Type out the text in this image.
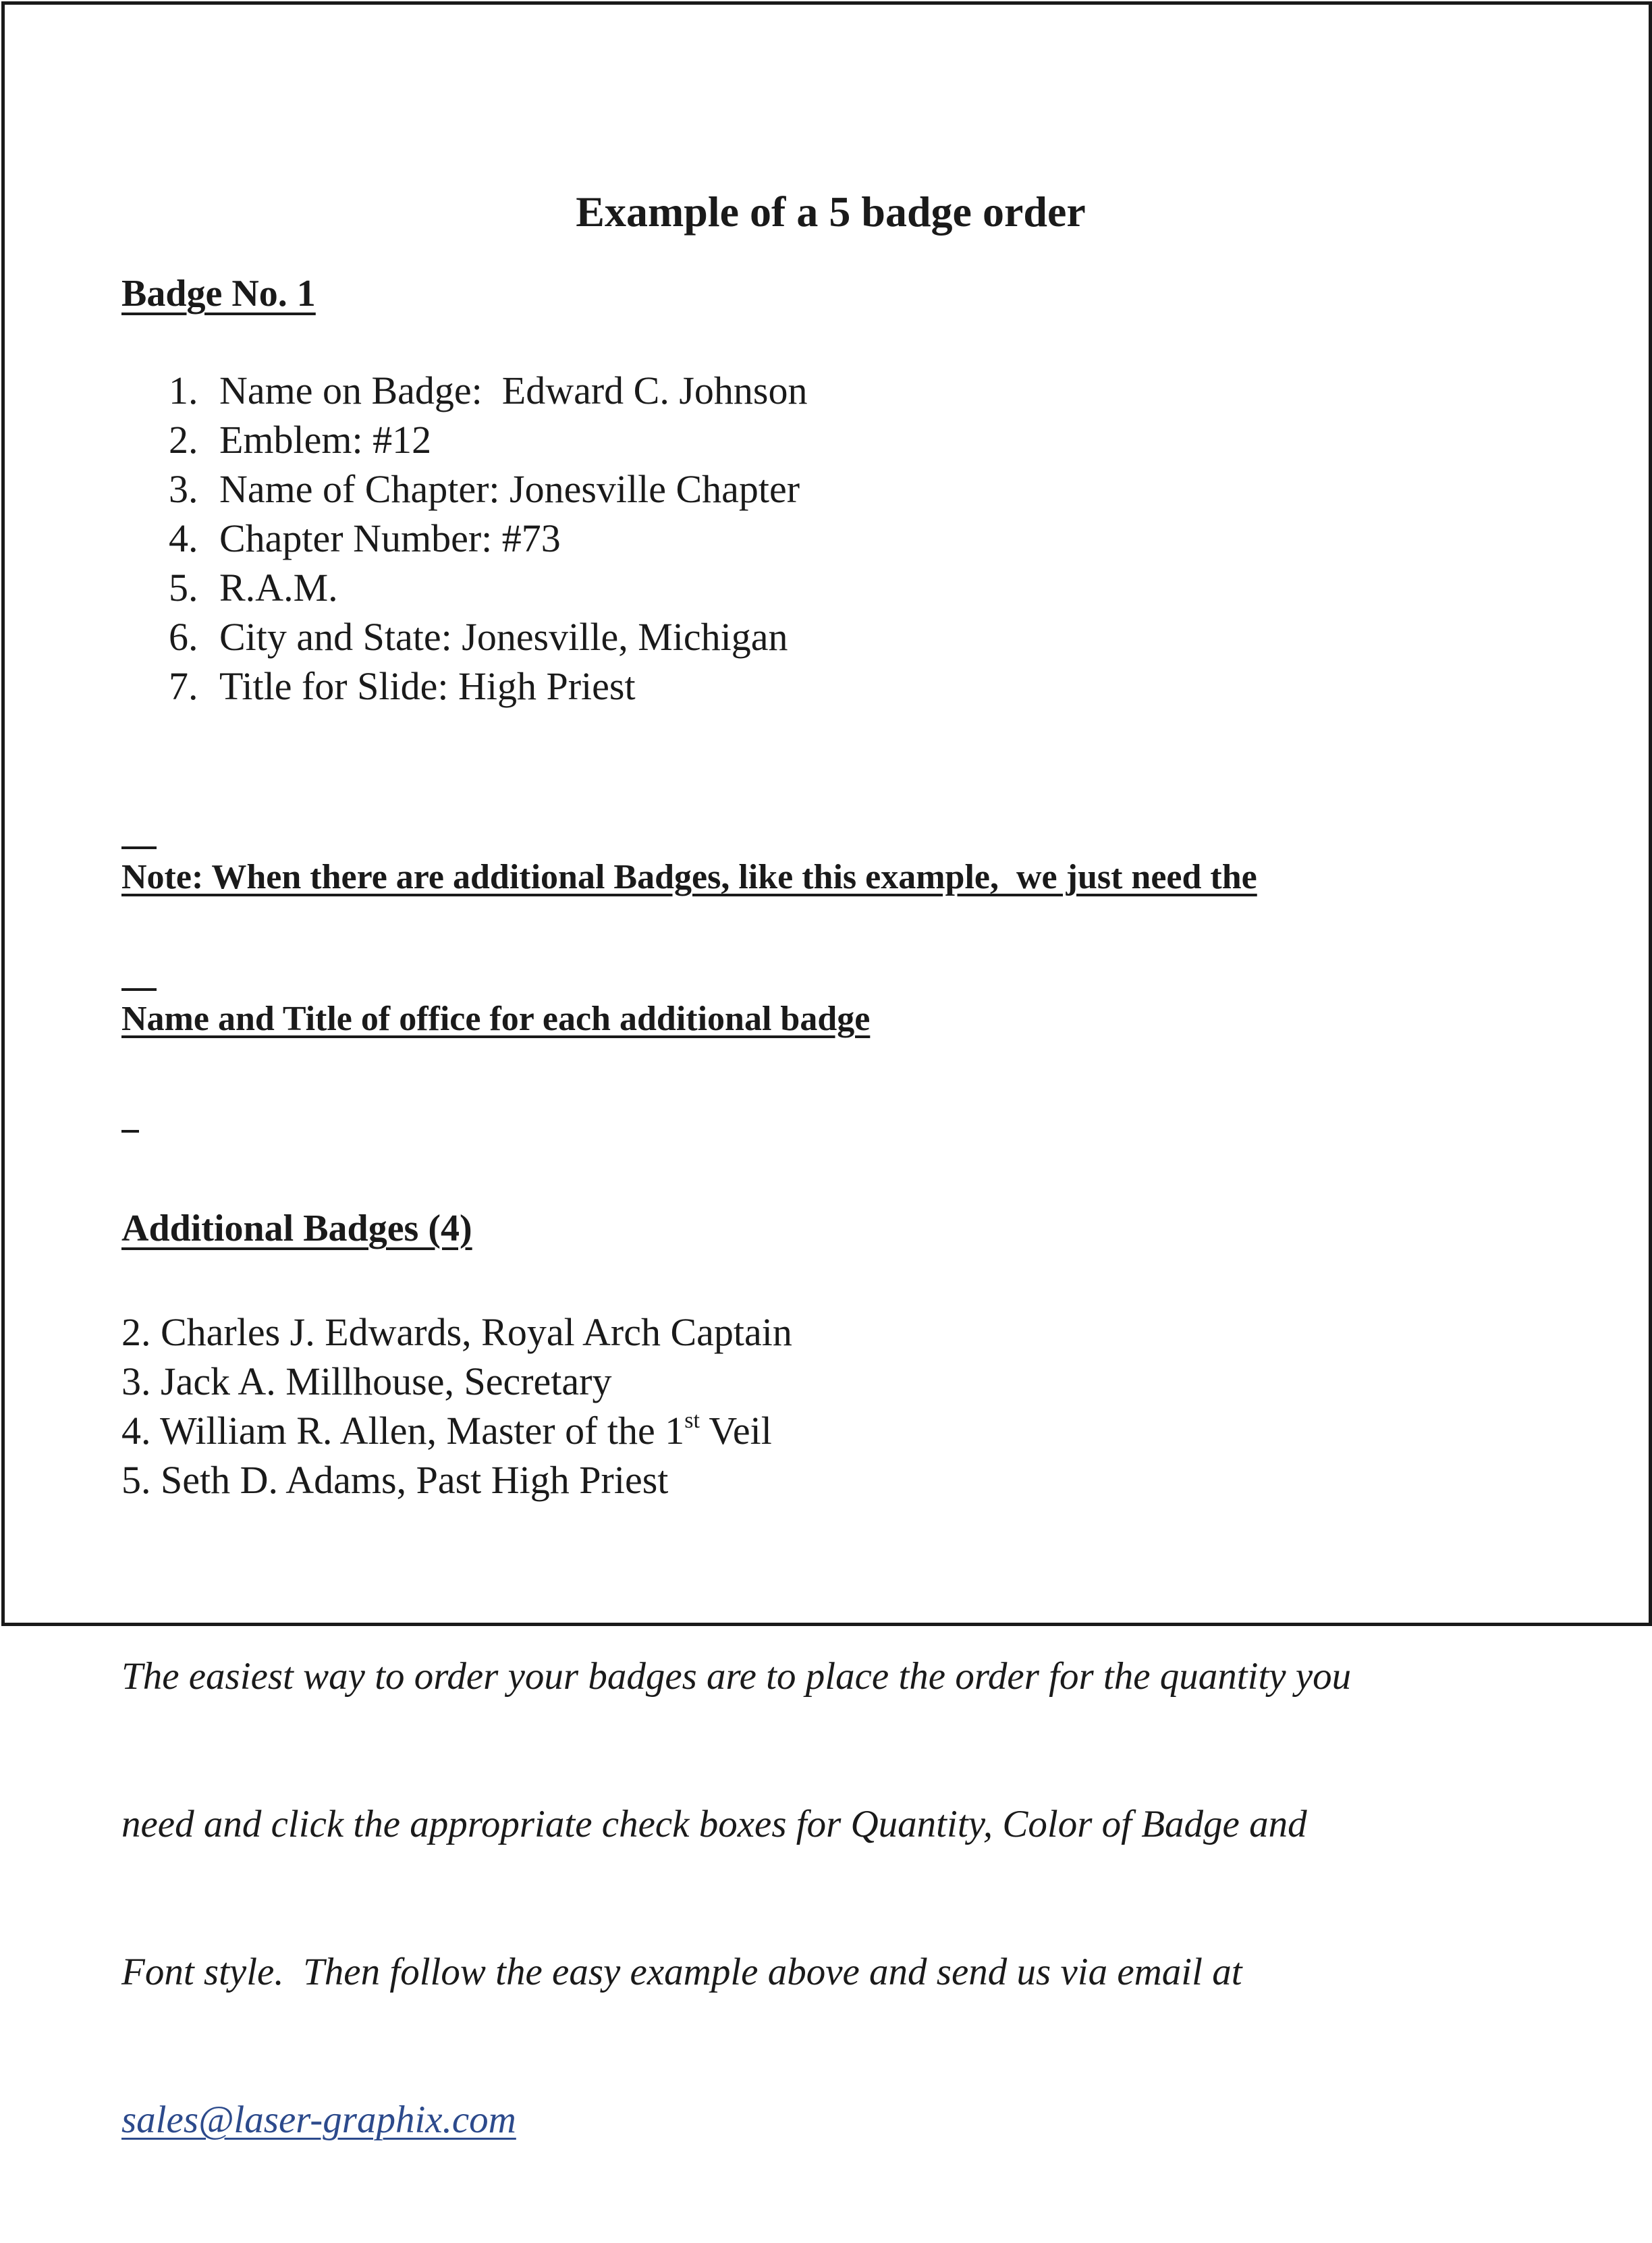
Example of a 5 badge order
Badge No. 1
1. Name on Badge:  Edward C. Johnson
2. Emblem: #12
3. Name of Chapter: Jonesville Chapter
4. Chapter Number: #73
5. R.A.M.
6. City and State: Jonesville, Michigan
7. Title for Slide: High Priest

Note: When there are additional Badges, like this example,  we just need the

Name and Title of office for each additional badge

Additional Badges (4)
2. Charles J. Edwards, Royal Arch Captain
3. Jack A. Millhouse, Secretary
4. William R. Allen, Master of the 1st Veil
5. Seth D. Adams, Past High Priest

The easiest way to order your badges are to place the order for the quantity you

need and click the appropriate check boxes for Quantity, Color of Badge and

Font style.  Then follow the easy example above and send us via email at

sales@laser-graphix.com
